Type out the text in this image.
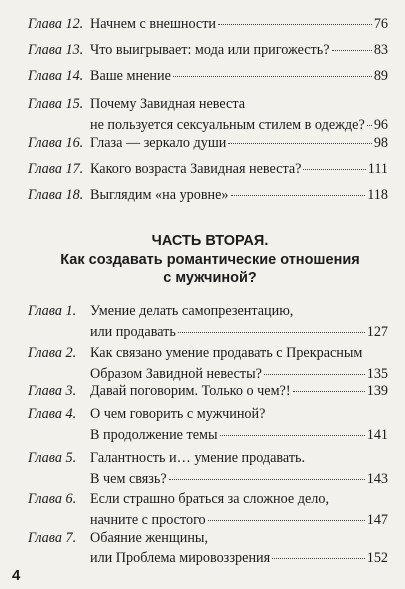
Глава 12. Начнем с внешности	76
Глава 13. Что выигрывает: мода или пригожесть?	83
Глава 14. Ваше мнение	89
Глава 15. Почему Завидная невеста
не пользуется сексуальным стилем в одежде? 96
Глава 16. Глаза — зеркало души	98
Глава 17. Какого возраста Завидная невеста?	111
Глава 18. Выглядим «на уровне»	118
ЧАСТЬ ВТОРАЯ.
Как создавать романтические отношения
с мужчиной?
Глава 1. Умение делать самопрезентацию,
или продавать	127
Глава 2. Как связано умение продавать с Прекрасным
Образом Завидной невесты?	135
Глава 3. Давай поговорим. Только о чем?!	139
Глава 4. О чем говорить с мужчиной?
В продолжение темы	141
Глава 5. Галантность и… умение продавать.
В чем связь?	143
Глава 6. Если страшно браться за сложное дело,
начните с простого	147
Глава 7. Обаяние женщины,
или Проблема мировоззрения	152
4
